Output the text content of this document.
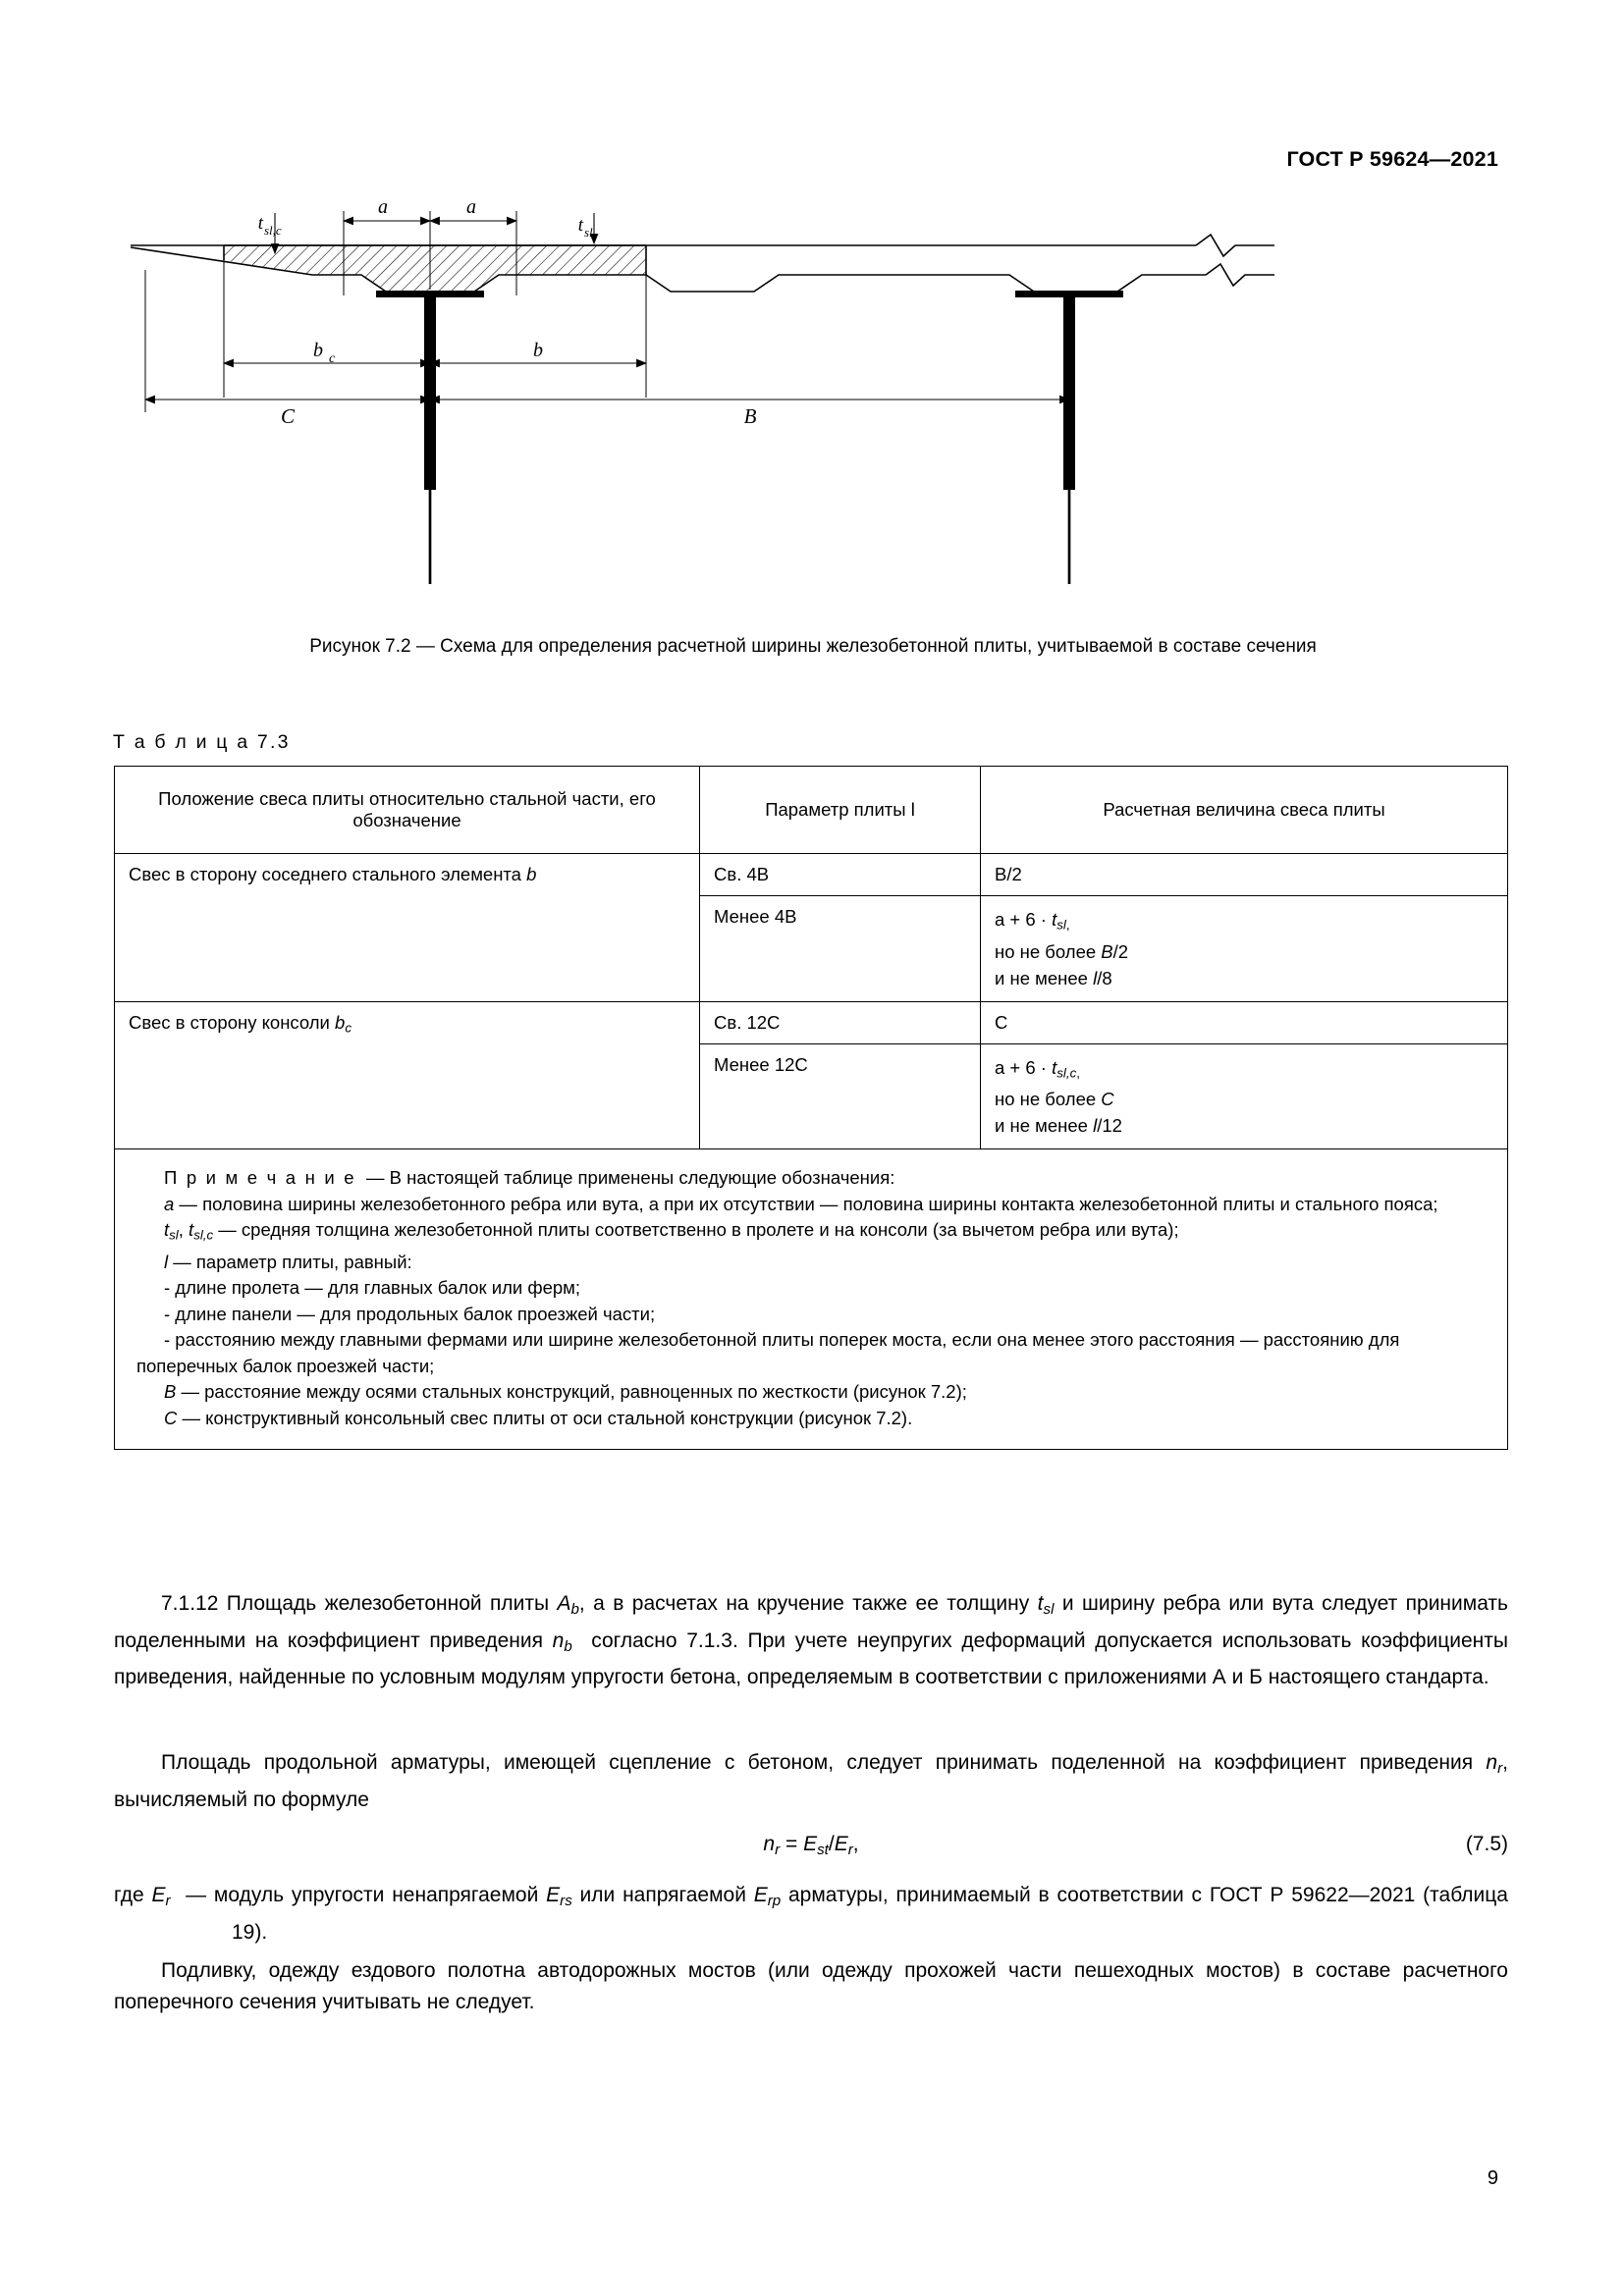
ГОСТ Р 59624—2021
t sl,c
a	a
t sl
b c	b
C	B
Рисунок 7.2 — Схема для определения расчетной ширины железобетонной плиты, учитываемой в составе сечения
Т а б л и ц а 7.3
Положение свеса плиты относительно стальной части, его обозначение	Параметр плиты l	Расчетная величина свеса плиты
Свес в сторону соседнего стального элемента b	Св. 4B	B/2
	Менее 4B	$a + 6 \cdot t_{sl,}$
но не более B/2
и не менее l/8
Свес в сторону консоли $b_c$	Св. 12C	C
	Менее 12C	$a + 6 \cdot t_{sl,c,}$
но не более C
и не менее l/12

П р и м е ч а н и е — В настоящей таблице применены следующие обозначения:

a — половина ширины железобетонного ребра или вута, а при их отсутствии — половина ширины контакта железобетонной плиты и стального пояса;

$t_{sl}$, $t_{sl,c}$ — средняя толщина железобетонной плиты соответственно в пролете и на консоли (за вычетом ребра или вута);

l — параметр плиты, равный:

- длине пролета — для главных балок или ферм;

- длине панели — для продольных балок проезжей части;

- расстоянию между главными фермами или ширине железобетонной плиты поперек моста, если она менее этого расстояния — расстоянию для поперечных балок проезжей части;

B — расстояние между осями стальных конструкций, равноценных по жесткости (рисунок 7.2);

C — конструктивный консольный свес плиты от оси стальной конструкции (рисунок 7.2).

7.1.12 Площадь железобетонной плиты $A_b$, а в расчетах на кручение также ее толщину $t_{sl}$ и ширину ребра или вута следует принимать поделенными на коэффициент приведения $n_b$  согласно 7.1.3. При учете неупругих деформаций допускается использовать коэффициенты приведения, найденные по условным модулям упругости бетона, определяемым в соответствии с приложениями А и Б настоящего стандарта.

Площадь продольной арматуры, имеющей сцепление с бетоном, следует принимать поделенной на коэффициент приведения $n_r$, вычисляемый по формуле

$n_r = E_{st}/E_r$,	(7.5)
где $E_r$  — модуль упругости ненапрягаемой $E_{rs}$ или напрягаемой $E_{rp}$ арматуры, принимаемый в соответствии с ГОСТ Р 59622—2021 (таблица 19).

Подливку, одежду ездового полотна автодорожных мостов (или одежду прохожей части пешеходных мостов) в составе расчетного поперечного сечения учитывать не следует.

9
